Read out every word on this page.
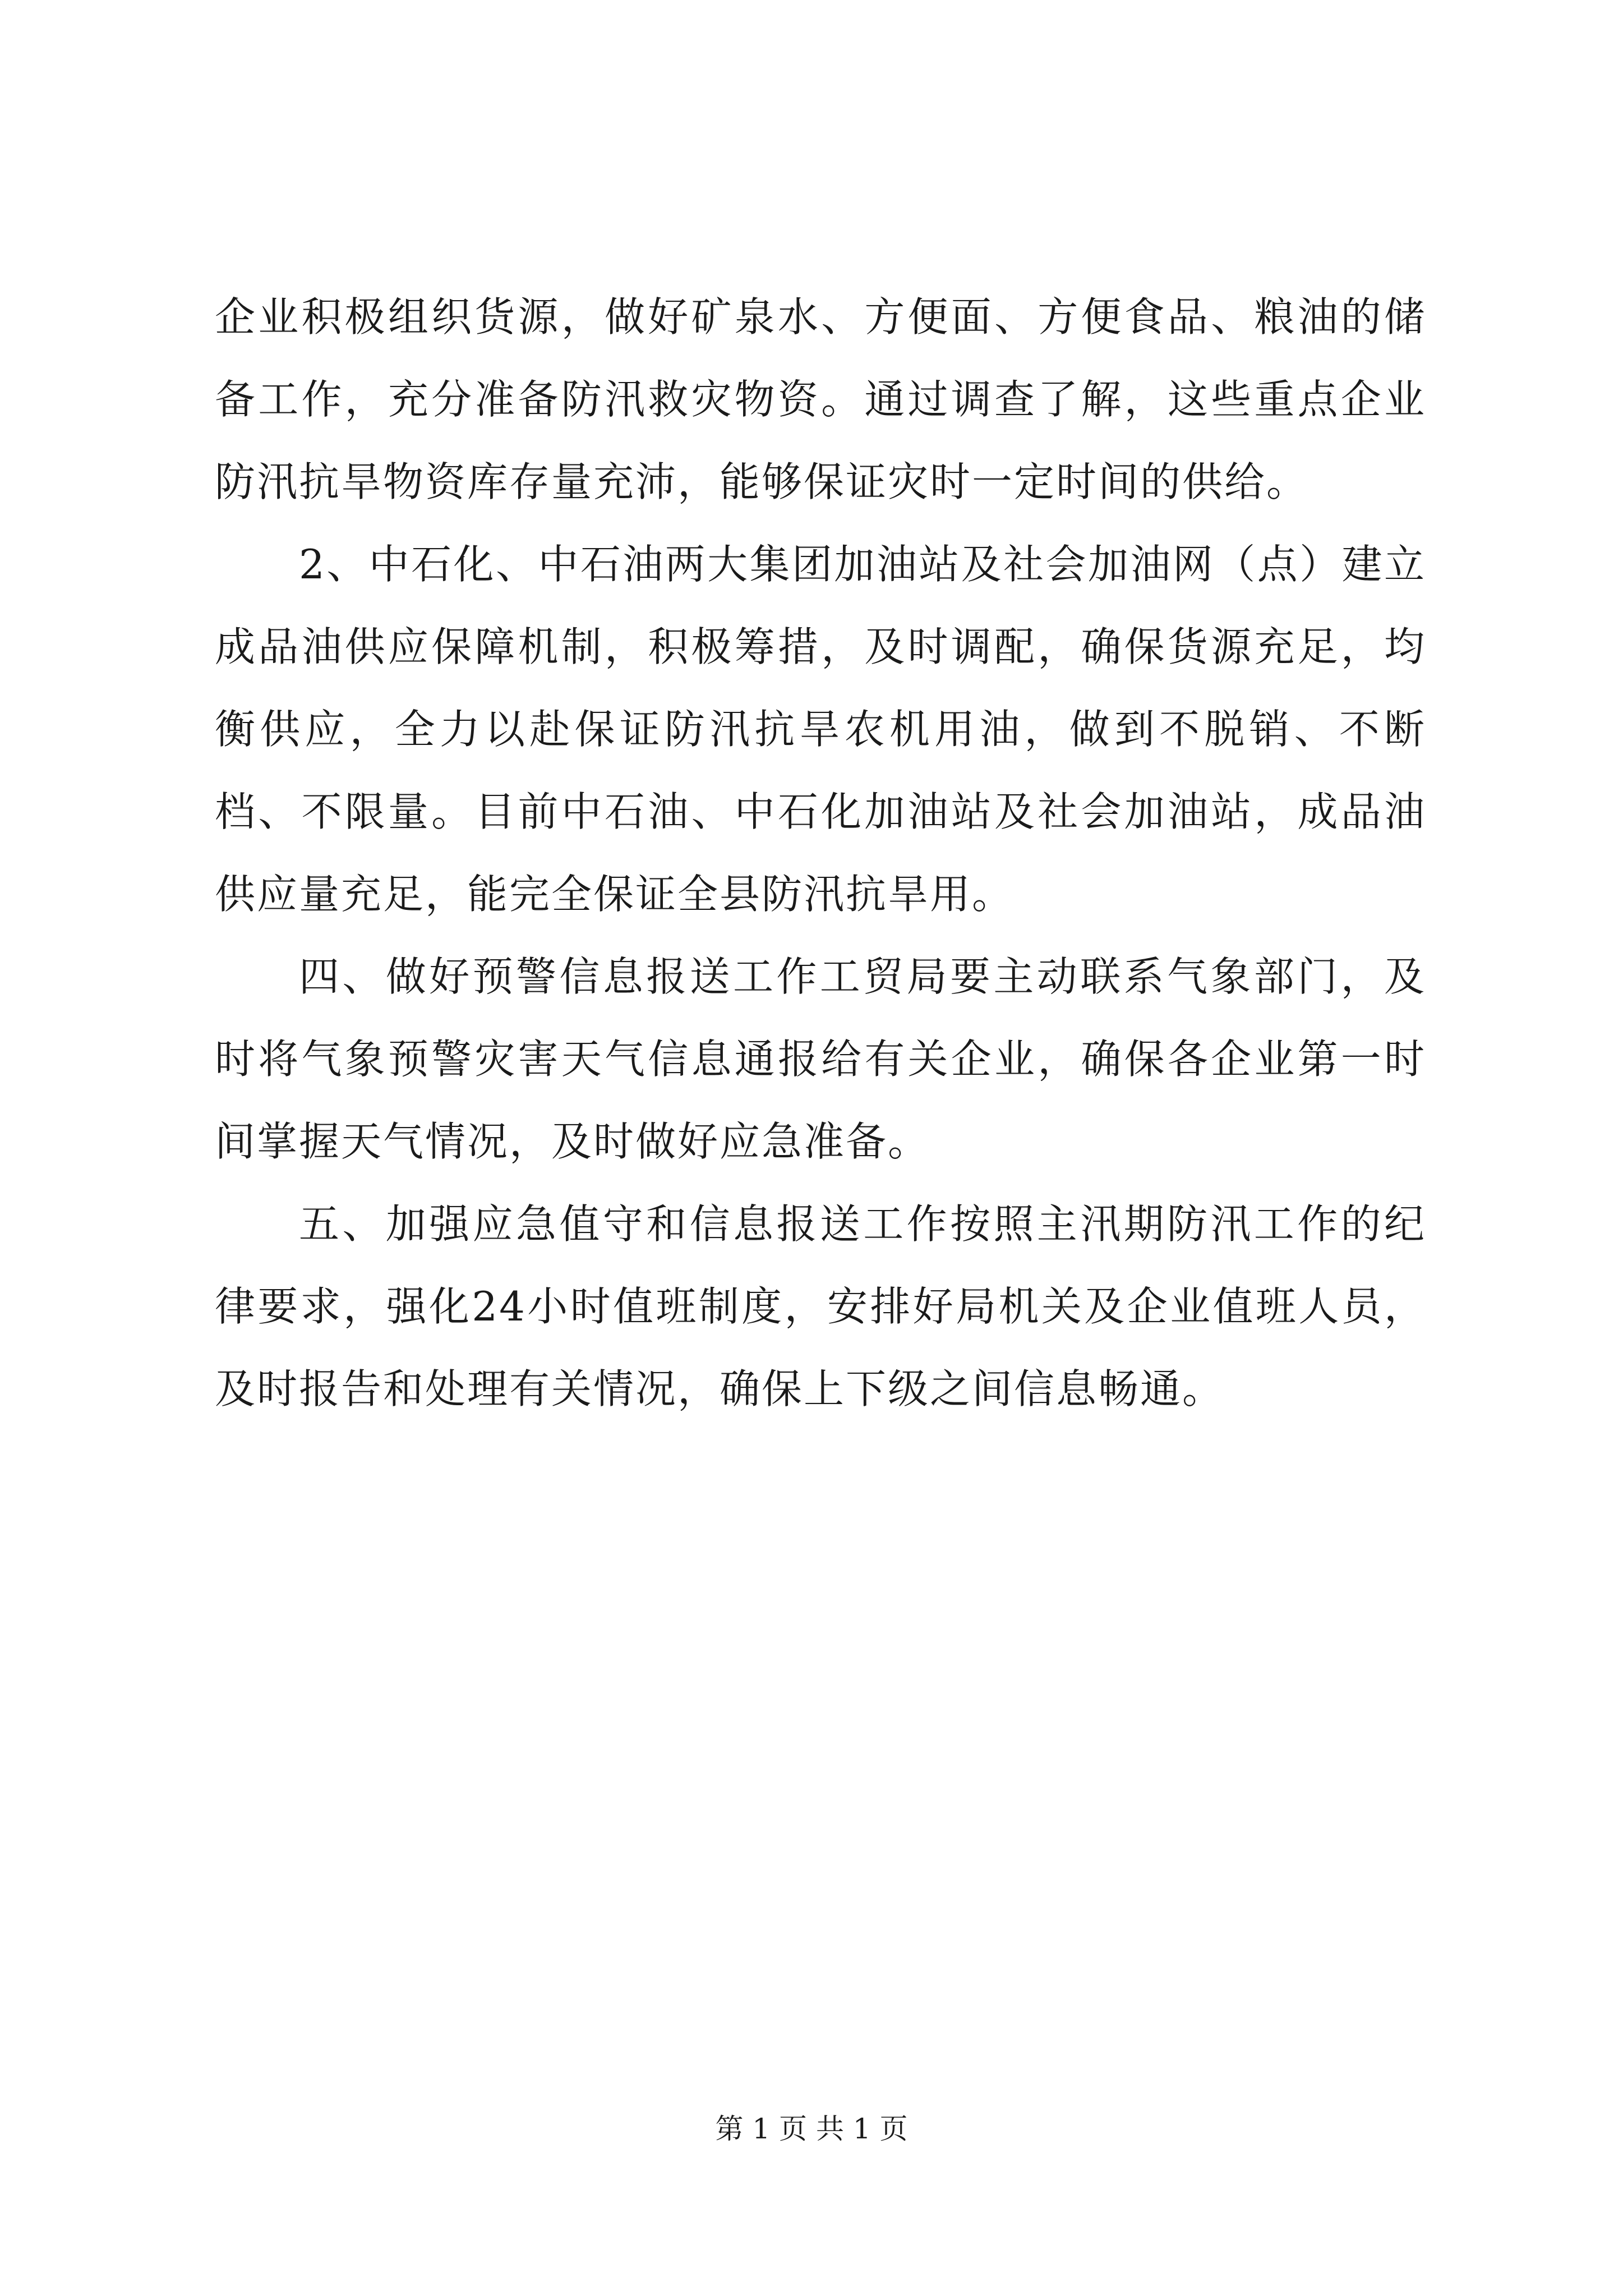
企业积极组织货源，做好矿泉水、方便面、方便食品、粮油的储备工作，充分准备防汛救灾物资。通过调查了解，这些重点企业防汛抗旱物资库存量充沛，能够保证灾时一定时间的供给。

2、中石化、中石油两大集团加油站及社会加油网（点）建立成品油供应保障机制，积极筹措，及时调配，确保货源充足，均衡供应，全力以赴保证防汛抗旱农机用油，做到不脱销、不断档、不限量。目前中石油、中石化加油站及社会加油站，成品油供应量充足，能完全保证全县防汛抗旱用。

四、做好预警信息报送工作工贸局要主动联系气象部门，及时将气象预警灾害天气信息通报给有关企业，确保各企业第一时间掌握天气情况，及时做好应急准备。

五、加强应急值守和信息报送工作按照主汛期防汛工作的纪律要求，强化24小时值班制度，安排好局机关及企业值班人员，及时报告和处理有关情况，确保上下级之间信息畅通。

第 1 页 共 1 页
